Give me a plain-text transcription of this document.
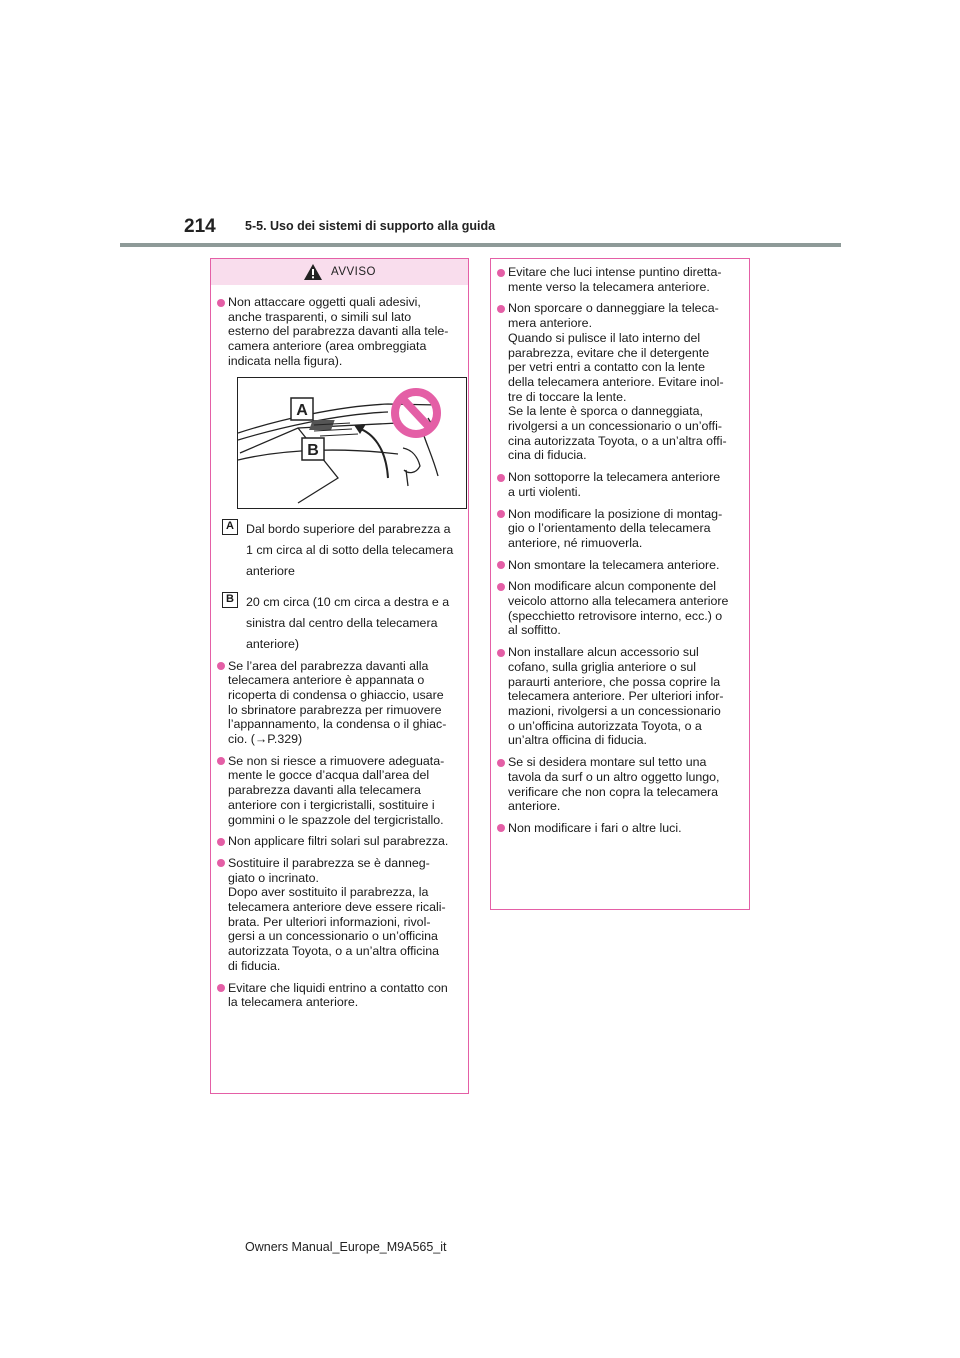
214 5-5. Uso dei sistemi di supporto alla guida
AVVISO
Non attaccare oggetti quali adesivi,
anche trasparenti, o simili sul lato
esterno del parabrezza davanti alla tele-
camera anteriore (area ombreggiata
indicata nella figura).
A
B
A Dal bordo superiore del parabrezza a
1 cm circa al di sotto della telecamera
anteriore
B 20 cm circa (10 cm circa a destra e a
sinistra dal centro della telecamera
anteriore)
Se l’area del parabrezza davanti alla
telecamera anteriore è appannata o
ricoperta di condensa o ghiaccio, usare
lo sbrinatore parabrezza per rimuovere
l’appannamento, la condensa o il ghiac-
cio. (→P.329)
Se non si riesce a rimuovere adeguata-
mente le gocce d’acqua dall’area del
parabrezza davanti alla telecamera
anteriore con i tergicristalli, sostituire i
gommini o le spazzole del tergicristallo.
Non applicare filtri solari sul parabrezza.
Sostituire il parabrezza se è danneg-
giato o incrinato.
Dopo aver sostituito il parabrezza, la
telecamera anteriore deve essere ricali-
brata. Per ulteriori informazioni, rivol-
gersi a un concessionario o un’officina
autorizzata Toyota, o a un’altra officina
di fiducia.
Evitare che liquidi entrino a contatto con
la telecamera anteriore.
Evitare che luci intense puntino diretta-
mente verso la telecamera anteriore.
Non sporcare o danneggiare la teleca-
mera anteriore.
Quando si pulisce il lato interno del
parabrezza, evitare che il detergente
per vetri entri a contatto con la lente
della telecamera anteriore. Evitare inol-
tre di toccare la lente.
Se la lente è sporca o danneggiata,
rivolgersi a un concessionario o un’offi-
cina autorizzata Toyota, o a un’altra offi-
cina di fiducia.
Non sottoporre la telecamera anteriore
a urti violenti.
Non modificare la posizione di montag-
gio o l’orientamento della telecamera
anteriore, né rimuoverla.
Non smontare la telecamera anteriore.
Non modificare alcun componente del
veicolo attorno alla telecamera anteriore
(specchietto retrovisore interno, ecc.) o
al soffitto.
Non installare alcun accessorio sul
cofano, sulla griglia anteriore o sul
paraurti anteriore, che possa coprire la
telecamera anteriore. Per ulteriori infor-
mazioni, rivolgersi a un concessionario
o un’officina autorizzata Toyota, o a
un’altra officina di fiducia.
Se si desidera montare sul tetto una
tavola da surf o un altro oggetto lungo,
verificare che non copra la telecamera
anteriore.
Non modificare i fari o altre luci.
Owners Manual_Europe_M9A565_it
